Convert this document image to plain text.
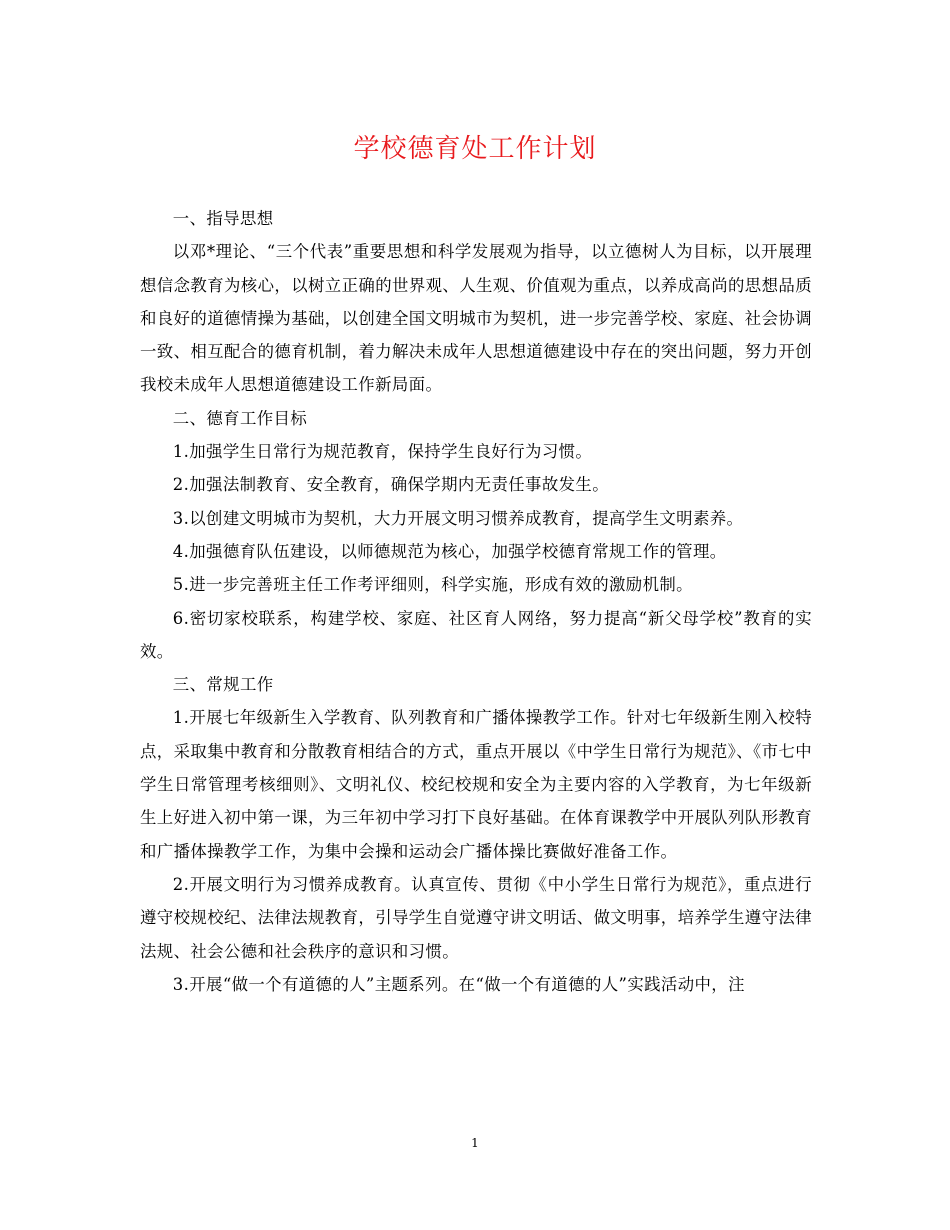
学校德育处工作计划

一、指导思想

以邓*理论、“三个代表”重要思想和科学发展观为指导，以立德树人为目标，以开展理想信念教育为核心，以树立正确的世界观、人生观、价值观为重点，以养成高尚的思想品质和良好的道德情操为基础，以创建全国文明城市为契机，进一步完善学校、家庭、社会协调一致、相互配合的德育机制，着力解决未成年人思想道德建设中存在的突出问题，努力开创我校未成年人思想道德建设工作新局面。

二、德育工作目标

1.加强学生日常行为规范教育，保持学生良好行为习惯。

2.加强法制教育、安全教育，确保学期内无责任事故发生。

3.以创建文明城市为契机，大力开展文明习惯养成教育，提高学生文明素养。

4.加强德育队伍建设，以师德规范为核心，加强学校德育常规工作的管理。

5.进一步完善班主任工作考评细则，科学实施，形成有效的激励机制。

6.密切家校联系，构建学校、家庭、社区育人网络，努力提高“新父母学校”教育的实效。

三、常规工作

1.开展七年级新生入学教育、队列教育和广播体操教学工作。针对七年级新生刚入校特点，采取集中教育和分散教育相结合的方式，重点开展以《中学生日常行为规范》、《市七中学生日常管理考核细则》、文明礼仪、校纪校规和安全为主要内容的入学教育，为七年级新生上好进入初中第一课，为三年初中学习打下良好基础。在体育课教学中开展队列队形教育和广播体操教学工作，为集中会操和运动会广播体操比赛做好准备工作。

2.开展文明行为习惯养成教育。认真宣传、贯彻《中小学生日常行为规范》，重点进行遵守校规校纪、法律法规教育，引导学生自觉遵守讲文明话、做文明事，培养学生遵守法律法规、社会公德和社会秩序的意识和习惯。

3.开展“做一个有道德的人”主题系列。在“做一个有道德的人”实践活动中，注

1
